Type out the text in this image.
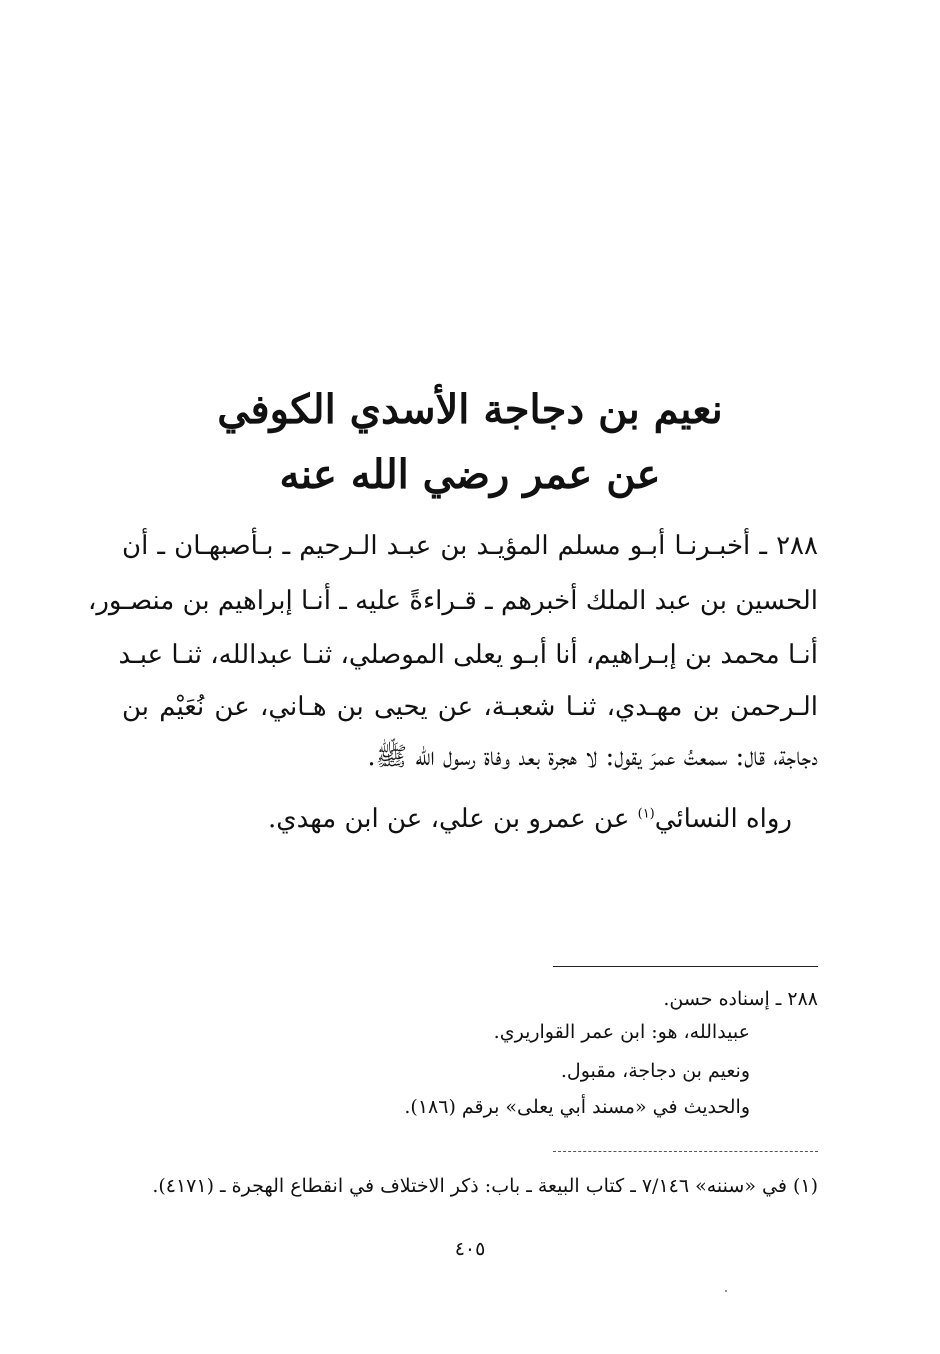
نعيم بن دجاجة الأسدي الكوفي
عن عمر رضي الله عنه
٢٨٨ ـ أخبـرنـا أبـو مسلم المؤيـد بن عبـد الـرحيم ـ بـأصبهـان ـ أن
الحسين بن عبد الملك أخبرهم ـ قـراءةً عليه ـ أنـا إبراهيم بن منصـور،
أنـا محمد بن إبـراهيم، أنا أبـو يعلى الموصلي، ثنـا عبدالله، ثنـا عبـد
الـرحمن بن مهـدي، ثنـا شعبـة، عن يحيى بن هـاني، عن نُعَيْم بن
دجاجة، قال: سمعتُ عمرَ يقول: لا هجرة بعد وفاة رسول الله ﷺ.
رواه النسائي$^{(١)}$ عن عمرو بن علي، عن ابن مهدي.
٢٨٨ ـ إسناده حسن.
عبيدالله، هو: ابن عمر القواريري.
ونعيم بن دجاجة، مقبول.
والحديث في «مسند أبي يعلى» برقم (١٨٦).
(١) في «سننه» ٧/١٤٦ ـ كتاب البيعة ـ باب: ذكر الاختلاف في انقطاع الهجرة ـ (٤١٧١).
٤٠٥
